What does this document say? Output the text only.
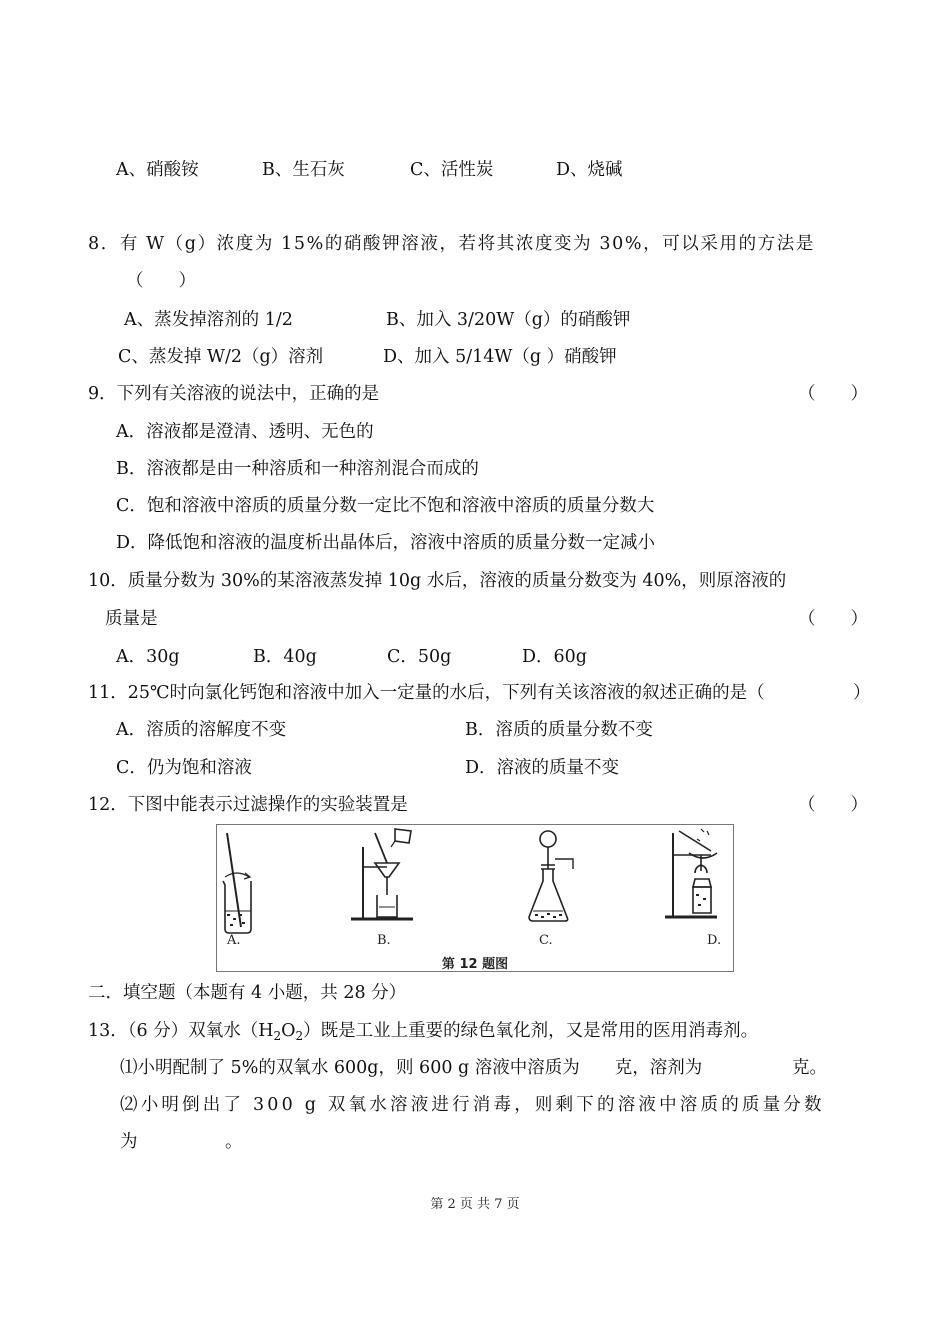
A、硝酸铵	B、生石灰	C、活性炭	D、烧碱
8．有 W（g）浓度为 15%的硝酸钾溶液，若将其浓度变为 30%，可以采用的方法是
（　　）
A、蒸发掉溶剂的 1/2	B、加入 3/20W（g）的硝酸钾
C、蒸发掉 W/2（g）溶剂	D、加入 5/14W（g ）硝酸钾
9．下列有关溶液的说法中，正确的是	（　　）
A．溶液都是澄清、透明、无色的
B．溶液都是由一种溶质和一种溶剂混合而成的
C．饱和溶液中溶质的质量分数一定比不饱和溶液中溶质的质量分数大
D．降低饱和溶液的温度析出晶体后，溶液中溶质的质量分数一定减小
10．质量分数为 30%的某溶液蒸发掉 10g 水后，溶液的质量分数变为 40%，则原溶液的
质量是	（　　）
A．30g	B．40g	C．50g	D．60g
11．25℃时向氯化钙饱和溶液中加入一定量的水后，下列有关该溶液的叙述正确的是（	）
A．溶质的溶解度不变	B．溶质的质量分数不变
C．仍为饱和溶液	D．溶液的质量不变
12．下图中能表示过滤操作的实验装置是	（　　）
A.	B.	C.	D.
第 12 题图
二．填空题（本题有 4 小题，共 28 分）
13．（6 分）双氧水$(H_2O_2)$既是工业上重要的绿色氧化剂，又是常用的医用消毒剂。
⑴小明配制了 5%的双氧水 600g，则 600 g 溶液中溶质为　　克，溶剂为	克。
⑵小明倒出了 300 g 双氧水溶液进行消毒，则剩下的溶液中溶质的质量分数
为　　　　　。
第 2 页 共 7 页
